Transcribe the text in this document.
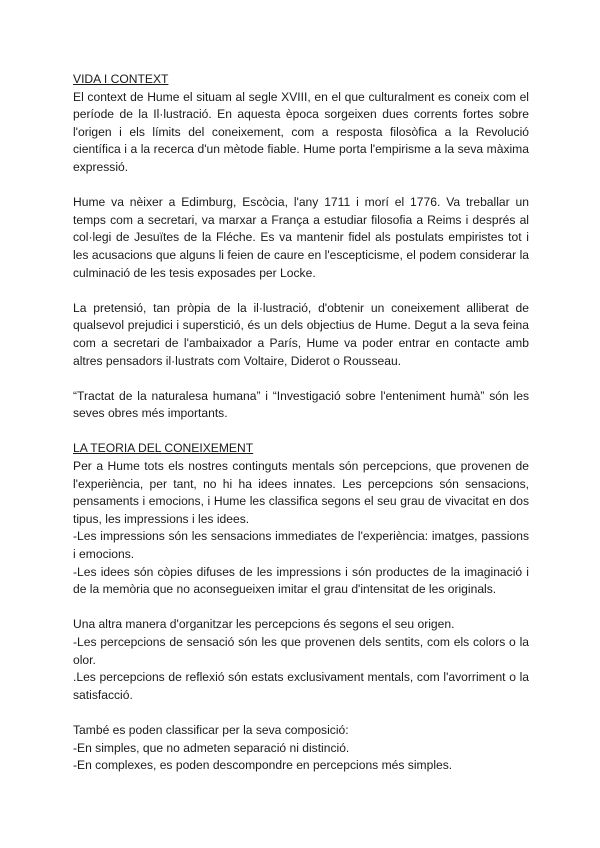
VIDA I CONTEXT

El context de Hume el situam al segle XVIII, en el que culturalment es coneix com el període de la Il·lustració. En aquesta època sorgeixen dues corrents fortes sobre l'origen i els límits del coneixement, com a resposta filosòfica a la Revolució científica i a la recerca d'un mètode fiable. Hume porta l'empirisme a la seva màxima expressió.

Hume va nèixer a Edimburg, Escòcia, l'any 1711 i morí el 1776. Va treballar un temps com a secretari, va marxar a França a estudiar filosofia a Reims i després al col·legi de Jesuïtes de la Fléche. Es va mantenir fidel als postulats empiristes tot i les acusacions que alguns li feien de caure en l'escepticisme, el podem considerar la culminació de les tesis exposades per Locke.

La pretensió, tan pròpia de la il·lustració, d'obtenir un coneixement alliberat de qualsevol prejudici i superstició, és un dels objectius de Hume. Degut a la seva feina com a secretari de l'ambaixador a París, Hume va poder entrar en contacte amb altres pensadors il·lustrats com Voltaire, Diderot o Rousseau.

“Tractat de la naturalesa humana” i “Investigació sobre l'enteniment humà” són les seves obres més importants.

LA TEORIA DEL CONEIXEMENT

Per a Hume tots els nostres continguts mentals són percepcions, que provenen de l'experiència, per tant, no hi ha idees innates. Les percepcions són sensacions, pensaments i emocions, i Hume les classifica segons el seu grau de vivacitat en dos tipus, les impressions i les idees.

-Les impressions són les sensacions immediates de l'experiència: imatges, passions i emocions.
-Les idees són còpies difuses de les impressions i són productes de la imaginació i de la memòria que no aconsegueixen imitar el grau d'intensitat de les originals.

Una altra manera d'organitzar les percepcions és segons el seu origen.

-Les percepcions de sensació són les que provenen dels sentits, com els colors o la olor.
.Les percepcions de reflexió són estats exclusivament mentals, com l'avorriment o la satisfacció.

També es poden classificar per la seva composició:

-En simples, que no admeten separació ni distinció.
-En complexes, es poden descompondre en percepcions més simples.
